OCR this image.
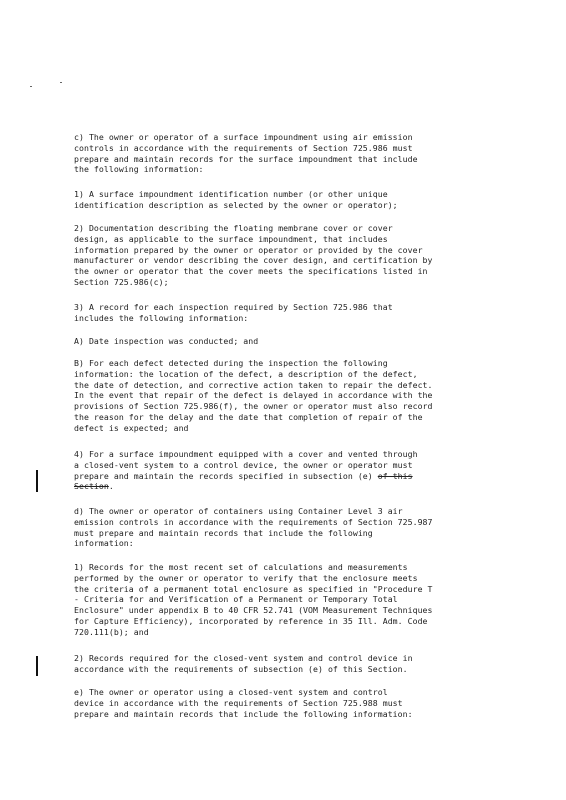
c) The owner or operator of a surface impoundment using air emission
controls in accordance with the requirements of Section 725.986 must
prepare and maintain records for the surface impoundment that include
the following information:
1) A surface impoundment identification number (or other unique
identification description as selected by the owner or operator);
2) Documentation describing the floating membrane cover or cover
design, as applicable to the surface impoundment, that includes
information prepared by the owner or operator or provided by the cover
manufacturer or vendor describing the cover design, and certification by
the owner or operator that the cover meets the specifications listed in
Section 725.986(c);
3) A record for each inspection required by Section 725.986 that
includes the following information:
A) Date inspection was conducted; and
B) For each defect detected during the inspection the following
information: the location of the defect, a description of the defect,
the date of detection, and corrective action taken to repair the defect.
In the event that repair of the defect is delayed in accordance with the
provisions of Section 725.986(f), the owner or operator must also record
the reason for the delay and the date that completion of repair of the
defect is expected; and
4) For a surface impoundment equipped with a cover and vented through
a closed-vent system to a control device, the owner or operator must
prepare and maintain the records specified in subsection (e) of this
Section.
d) The owner or operator of containers using Container Level 3 air
emission controls in accordance with the requirements of Section 725.987
must prepare and maintain records that include the following
information:
1) Records for the most recent set of calculations and measurements
performed by the owner or operator to verify that the enclosure meets
the criteria of a permanent total enclosure as specified in "Procedure T
- Criteria for and Verification of a Permanent or Temporary Total
Enclosure" under appendix B to 40 CFR 52.741 (VOM Measurement Techniques
for Capture Efficiency), incorporated by reference in 35 Ill. Adm. Code
720.111(b); and
2) Records required for the closed-vent system and control device in
accordance with the requirements of subsection (e) of this Section.
e) The owner or operator using a closed-vent system and control
device in accordance with the requirements of Section 725.988 must
prepare and maintain records that include the following information:
